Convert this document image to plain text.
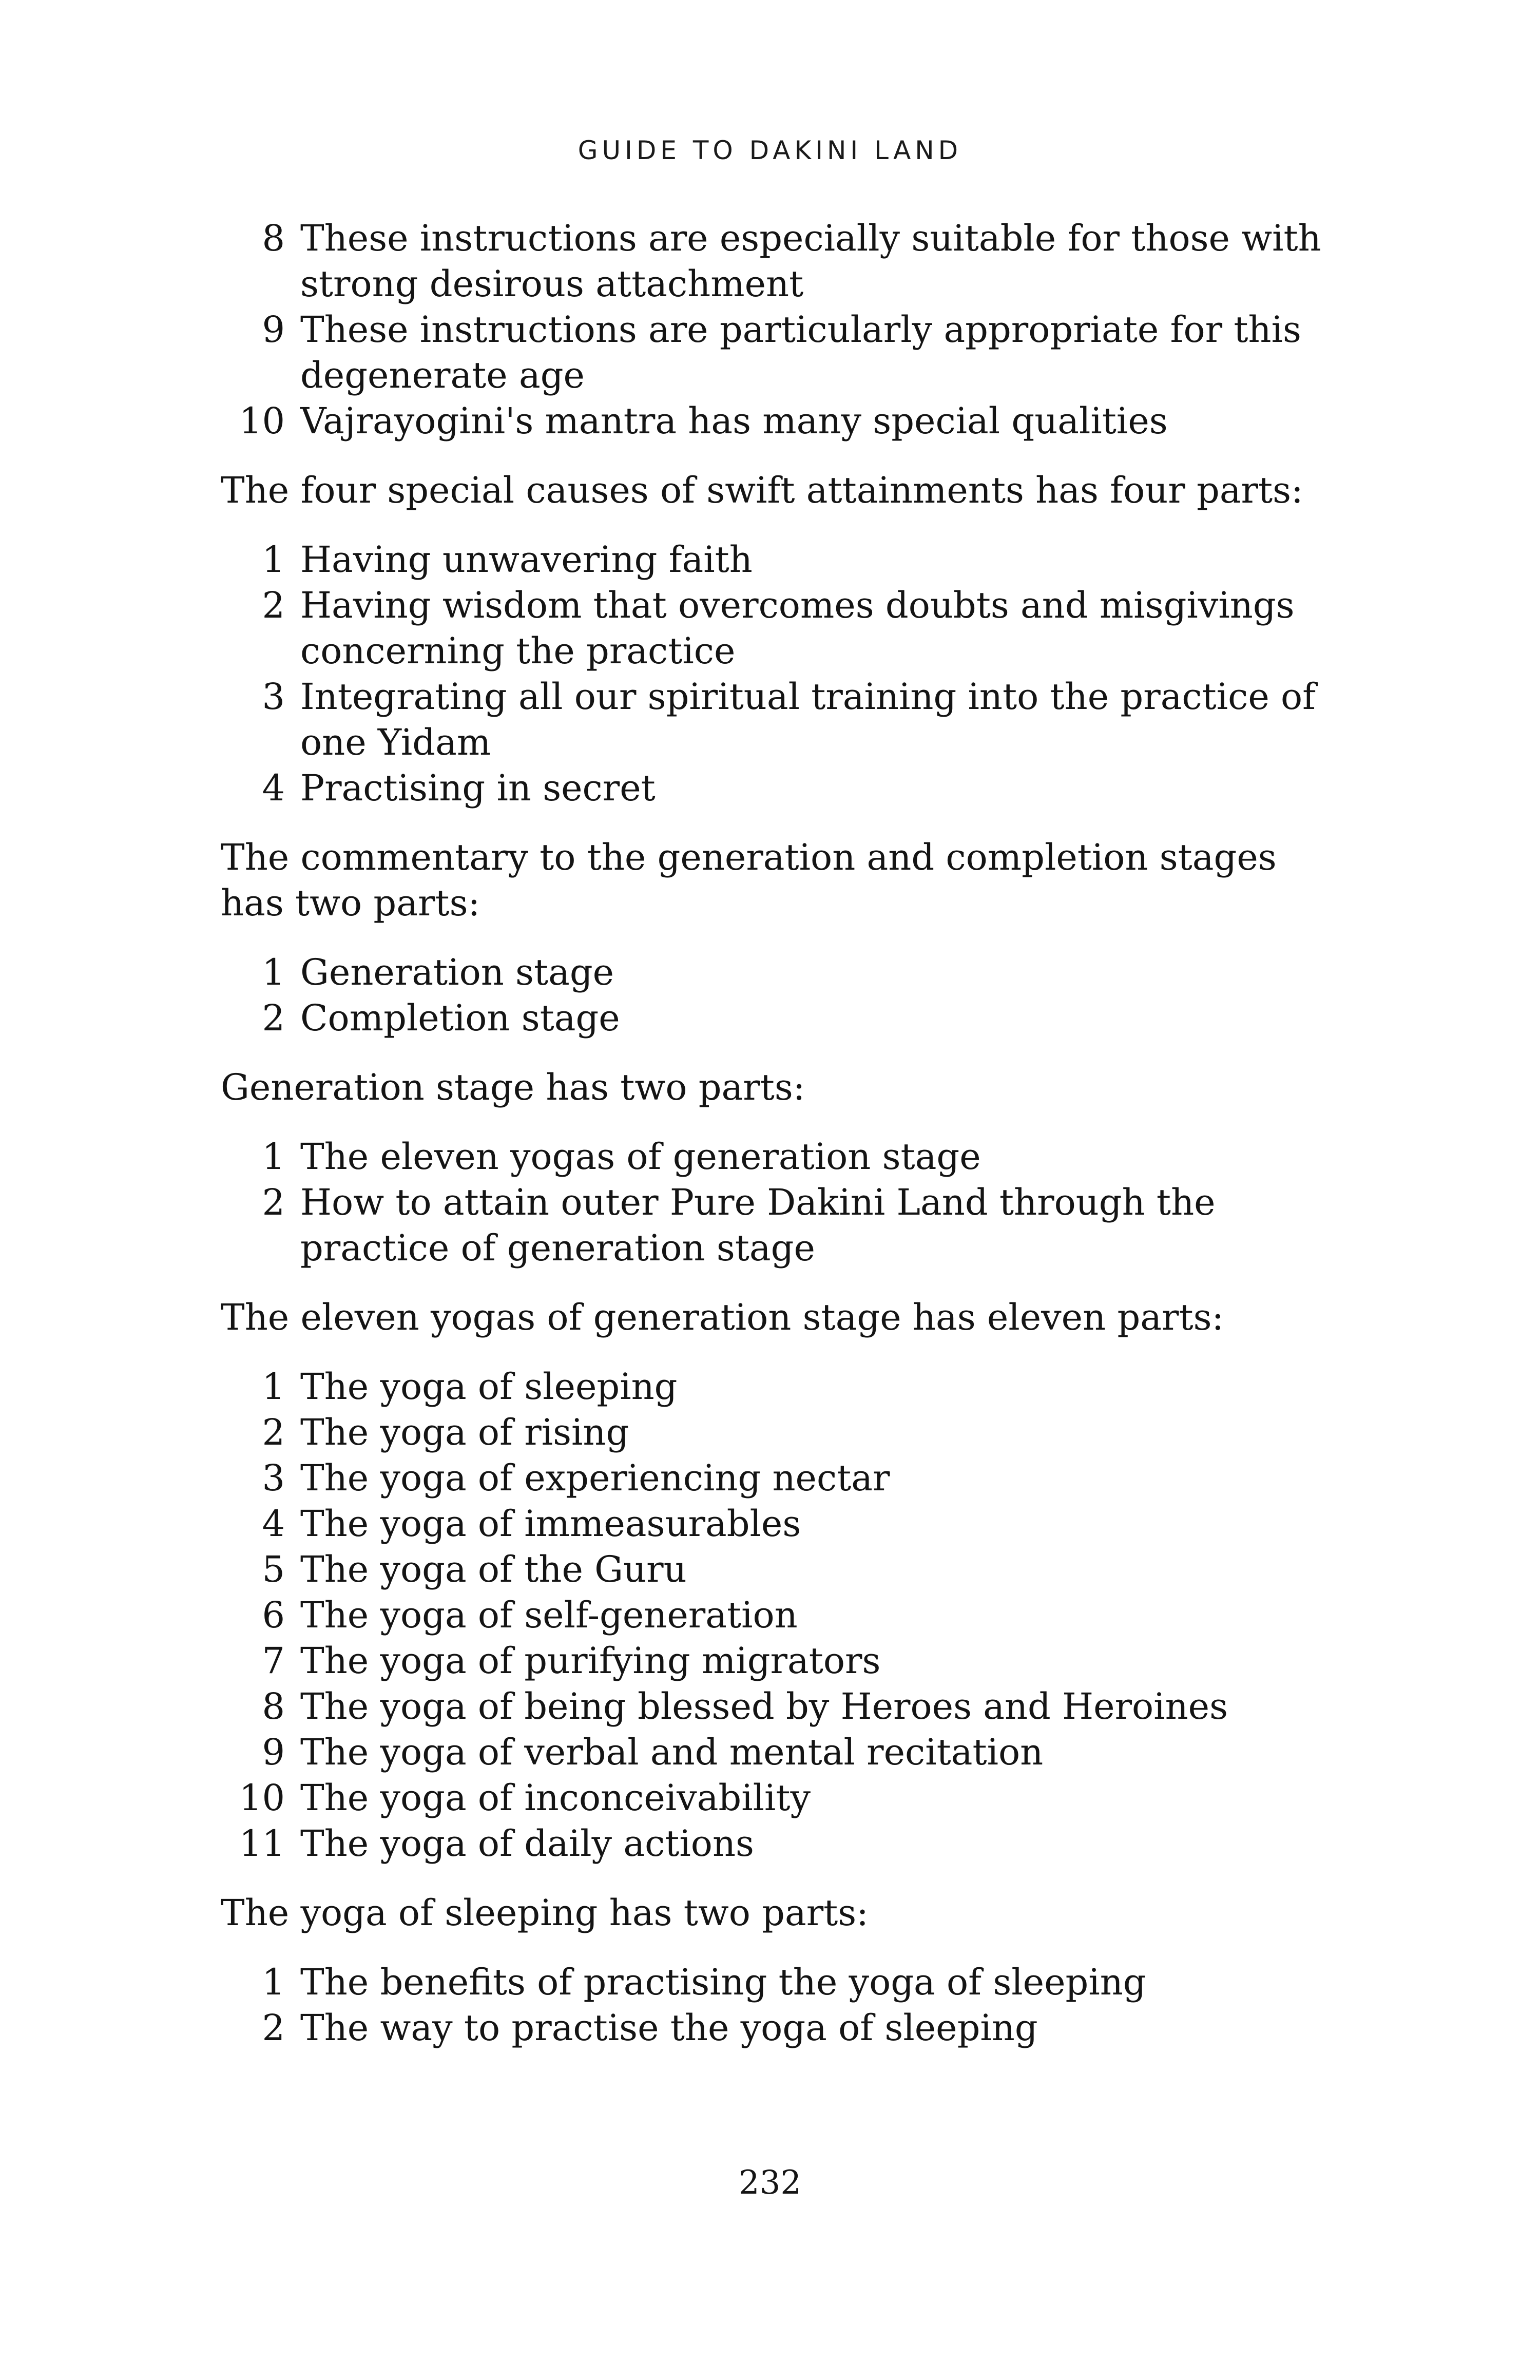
GUIDE TO DAKINI LAND
8 These instructions are especially suitable for those with strong desirous attachment
9 These instructions are particularly appropriate for this degenerate age
10 Vajrayogini's mantra has many special qualities

The four special causes of swift attainments has four parts:

1 Having unwavering faith
2 Having wisdom that overcomes doubts and misgivings concerning the practice
3 Integrating all our spiritual training into the practice of one Yidam
4 Practising in secret

The commentary to the generation and completion stages has two parts:

1 Generation stage
2 Completion stage

Generation stage has two parts:

1 The eleven yogas of generation stage
2 How to attain outer Pure Dakini Land through the practice of generation stage

The eleven yogas of generation stage has eleven parts:

1 The yoga of sleeping
2 The yoga of rising
3 The yoga of experiencing nectar
4 The yoga of immeasurables
5 The yoga of the Guru
6 The yoga of self-generation
7 The yoga of purifying migrators
8 The yoga of being blessed by Heroes and Heroines
9 The yoga of verbal and mental recitation
10 The yoga of inconceivability
11 The yoga of daily actions

The yoga of sleeping has two parts:

1 The benefits of practising the yoga of sleeping
2 The way to practise the yoga of sleeping
232
